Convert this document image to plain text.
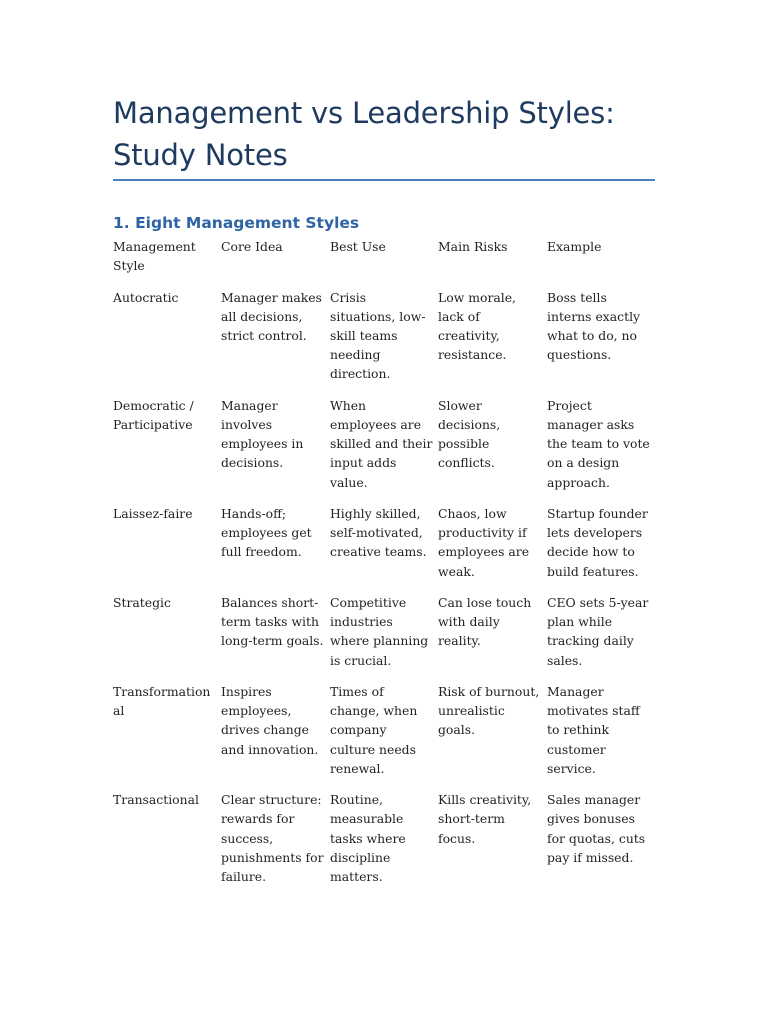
Management vs Leadership Styles: Study Notes
1. Eight Management Styles
Management Style	Core Idea	Best Use	Main Risks	Example
Autocratic	Manager makes all decisions, strict control.	Crisis situations, low-skill teams needing direction.	Low morale, lack of creativity, resistance.	Boss tells interns exactly what to do, no questions.
Democratic / Participative	Manager involves employees in decisions.	When employees are skilled and their input adds value.	Slower decisions, possible conflicts.	Project manager asks the team to vote on a design approach.
Laissez-faire	Hands-off; employees get full freedom.	Highly skilled, self-motivated, creative teams.	Chaos, low productivity if employees are weak.	Startup founder lets developers decide how to build features.
Strategic	Balances short-term tasks with long-term goals.	Competitive industries where planning is crucial.	Can lose touch with daily reality.	CEO sets 5-year plan while tracking daily sales.
Transformational	Inspires employees, drives change and innovation.	Times of change, when company culture needs renewal.	Risk of burnout, unrealistic goals.	Manager motivates staff to rethink customer service.
Transactional	Clear structure: rewards for success, punishments for failure.	Routine, measurable tasks where discipline matters.	Kills creativity, short-term focus.	Sales manager gives bonuses for quotas, cuts pay if missed.
